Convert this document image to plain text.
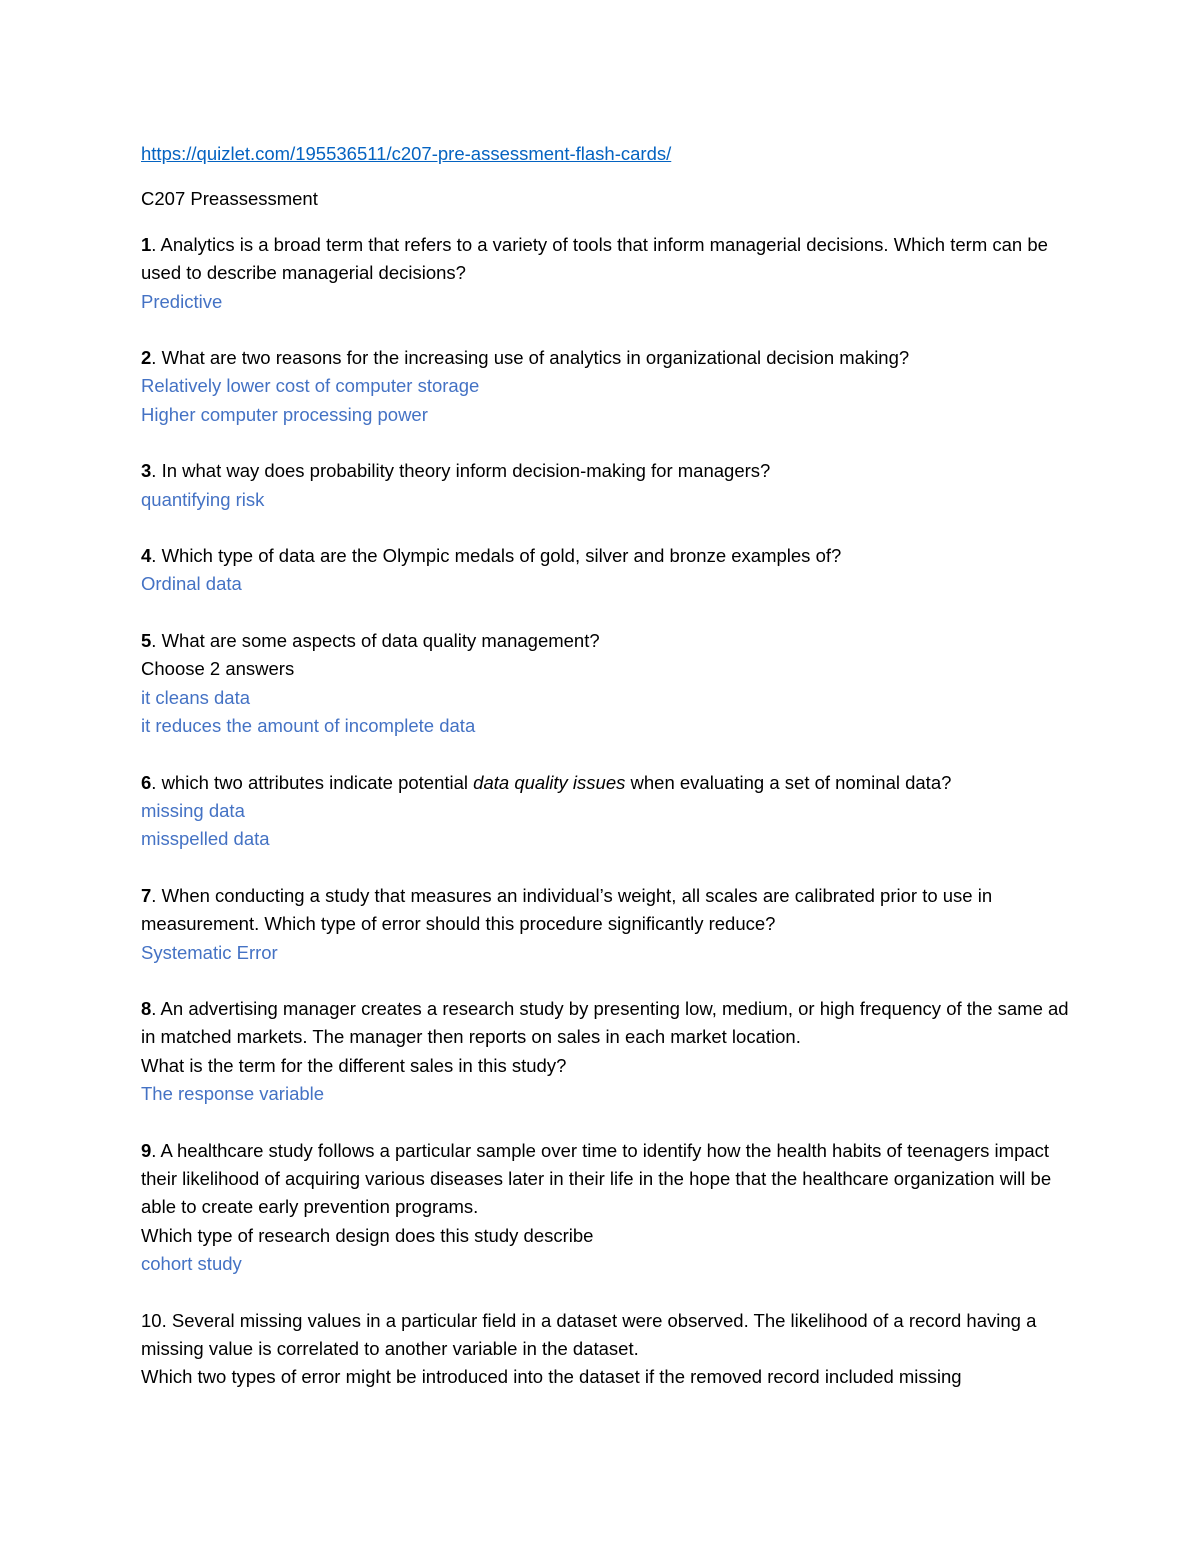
https://quizlet.com/195536511/c207-pre-assessment-flash-cards/
C207 Preassessment

1. Analytics is a broad term that refers to a variety of tools that inform managerial decisions. Which term can be used to describe managerial decisions?

Predictive

2. What are two reasons for the increasing use of analytics in organizational decision making?

Relatively lower cost of computer storage

Higher computer processing power

3. In what way does probability theory inform decision-making for managers?

quantifying risk

4. Which type of data are the Olympic medals of gold, silver and bronze examples of?

Ordinal data

5. What are some aspects of data quality management?

Choose 2 answers

it cleans data

it reduces the amount of incomplete data

6. which two attributes indicate potential data quality issues when evaluating a set of nominal data?

missing data

misspelled data

7. When conducting a study that measures an individual’s weight, all scales are calibrated prior to use in measurement. Which type of error should this procedure significantly reduce?

Systematic Error

8. An advertising manager creates a research study by presenting low, medium, or high frequency of the same ad in matched markets. The manager then reports on sales in each market location.

What is the term for the different sales in this study?

The response variable

9. A healthcare study follows a particular sample over time to identify how the health habits of teenagers impact their likelihood of acquiring various diseases later in their life in the hope that the healthcare organization will be able to create early prevention programs.

Which type of research design does this study describe

cohort study

10. Several missing values in a particular field in a dataset were observed. The likelihood of a record having a missing value is correlated to another variable in the dataset.

Which two types of error might be introduced into the dataset if the removed record included missing
